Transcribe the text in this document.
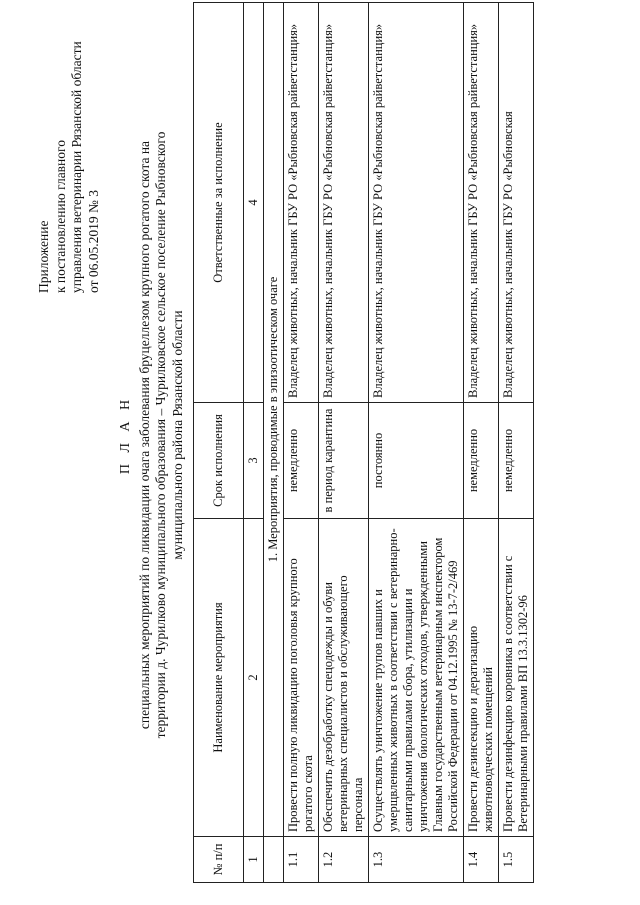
Приложение к постановлению главного управления ветеринарии Рязанской области от 06.05.2019 № 3
П Л А Н специальных мероприятий по ликвидации очага заболевания бруцеллезом крупного рогатого скота на территории д. Чурилково муниципального образования – Чурилковское сельское поселение Рыбновского муниципального района Рязанской области
№ п/п	Наименование мероприятия	Срок исполнения	Ответственные за исполнение
1	2	3	4
	1. Мероприятия, проводимые в эпизоотическом очаге		
1.1	Провести полную ликвидацию поголовья крупного рогатого скота	немедленно	Владелец животных, начальник ГБУ РО «Рыбновская райветстанция»
1.2	Обеспечить дезобработку спецодежды и обуви ветеринарных специалистов и обслуживающего персонала	в период карантина	Владелец животных, начальник ГБУ РО «Рыбновская райветстанция»
1.3	Осуществлять уничтожение трупов павших и умерщвленных животных в соответствии с ветеринарно-санитарными правилами сбора, утилизации и уничтожения биологических отходов, утвержденными Главным государственным ветеринарным инспектором Российской Федерации от 04.12.1995 № 13-7-2/469	постоянно	Владелец животных, начальник ГБУ РО «Рыбновская райветстанция»
1.4	Провести дезинсекцию и дератизацию животноводческих помещений	немедленно	Владелец животных, начальник ГБУ РО «Рыбновская райветстанция»
1.5	Провести дезинфекцию коровника в соответствии с Ветеринарными правилами ВП 13.3.1302-96	немедленно	Владелец животных, начальник ГБУ РО «Рыбновская
